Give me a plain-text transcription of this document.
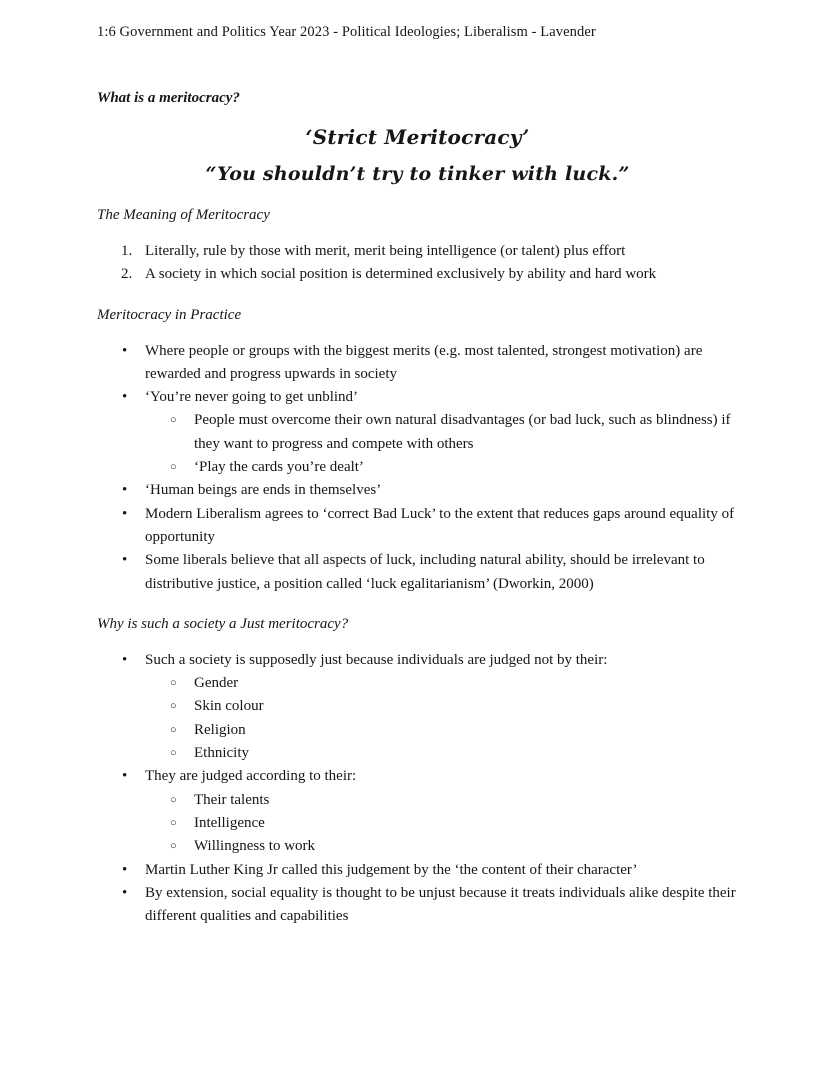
1:6 Government and Politics Year 2023 - Political Ideologies; Liberalism - Lavender
What is a meritocracy?
‘Strict Meritocracy’
“You shouldn’t try to tinker with luck.”
The Meaning of Meritocracy
1. Literally, rule by those with merit, merit being intelligence (or talent) plus effort
2. A society in which social position is determined exclusively by ability and hard work
Meritocracy in Practice
•	Where people or groups with the biggest merits (e.g. most talented, strongest motivation) are rewarded and progress upwards in society
•	‘You’re never going to get unblind’
○	People must overcome their own natural disadvantages (or bad luck, such as blindness) if they want to progress and compete with others
○	‘Play the cards you’re dealt’
•	‘Human beings are ends in themselves’
•	Modern Liberalism agrees to ‘correct Bad Luck’ to the extent that reduces gaps around equality of opportunity
•	Some liberals believe that all aspects of luck, including natural ability, should be irrelevant to distributive justice, a position called ‘luck egalitarianism’ (Dworkin, 2000)
Why is such a society a Just meritocracy?
•	Such a society is supposedly just because individuals are judged not by their:
○	Gender
○	Skin colour
○	Religion
○	Ethnicity
•	They are judged according to their:
○	Their talents
○	Intelligence
○	Willingness to work
•	Martin Luther King Jr called this judgement by the ‘the content of their character’
•	By extension, social equality is thought to be unjust because it treats individuals alike despite their different qualities and capabilities
